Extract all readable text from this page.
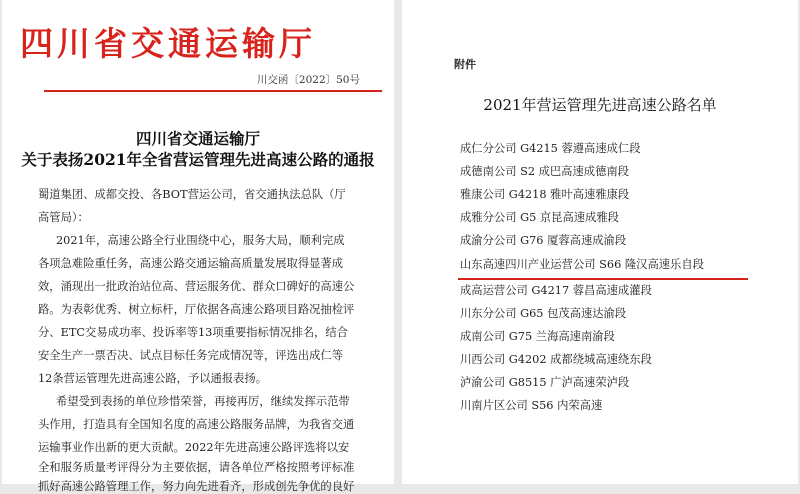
四川省交通运输厅
川交函〔2022〕50号
四川省交通运输厅
关于表扬2021年全省营运管理先进高速公路的通报
蜀道集团、成都交投、各BOT营运公司，省交通执法总队（厅
高管局）：
2021年，高速公路全行业围绕中心，服务大局，顺利完成
各项急难险重任务，高速公路交通运输高质量发展取得显著成
效，涌现出一批政治站位高、营运服务优、群众口碑好的高速公
路。为表彰优秀、树立标杆，厅依据各高速公路项目路况抽检评
分、ETC交易成功率、投诉率等13项重要指标情况排名，结合
安全生产一票否决、试点目标任务完成情况等，评选出成仁等
12条营运管理先进高速公路，予以通报表扬。
希望受到表扬的单位珍惜荣誉，再接再厉，继续发挥示范带
头作用，打造具有全国知名度的高速公路服务品牌，为我省交通
运输事业作出新的更大贡献。2022年先进高速公路评选将以安
全和服务质量考评得分为主要依据，请各单位严格按照考评标准
抓好高速公路管理工作，努力向先进看齐，形成创先争优的良好
附件
2021年营运管理先进高速公路名单
成仁分公司 G4215 蓉遵高速成仁段
成德南公司 S2 成巴高速成德南段
雅康公司 G4218 雅叶高速雅康段
成雅分公司 G5 京昆高速成雅段
成渝分公司 G76 厦蓉高速成渝段
山东高速四川产业运营公司 S66 隆汉高速乐自段
成高运营公司 G4217 蓉昌高速成灌段
川东分公司 G65 包茂高速达渝段
成南公司 G75 兰海高速南渝段
川西公司 G4202 成都绕城高速绕东段
泸渝公司 G8515 广泸高速荣泸段
川南片区公司 S56 内荣高速
